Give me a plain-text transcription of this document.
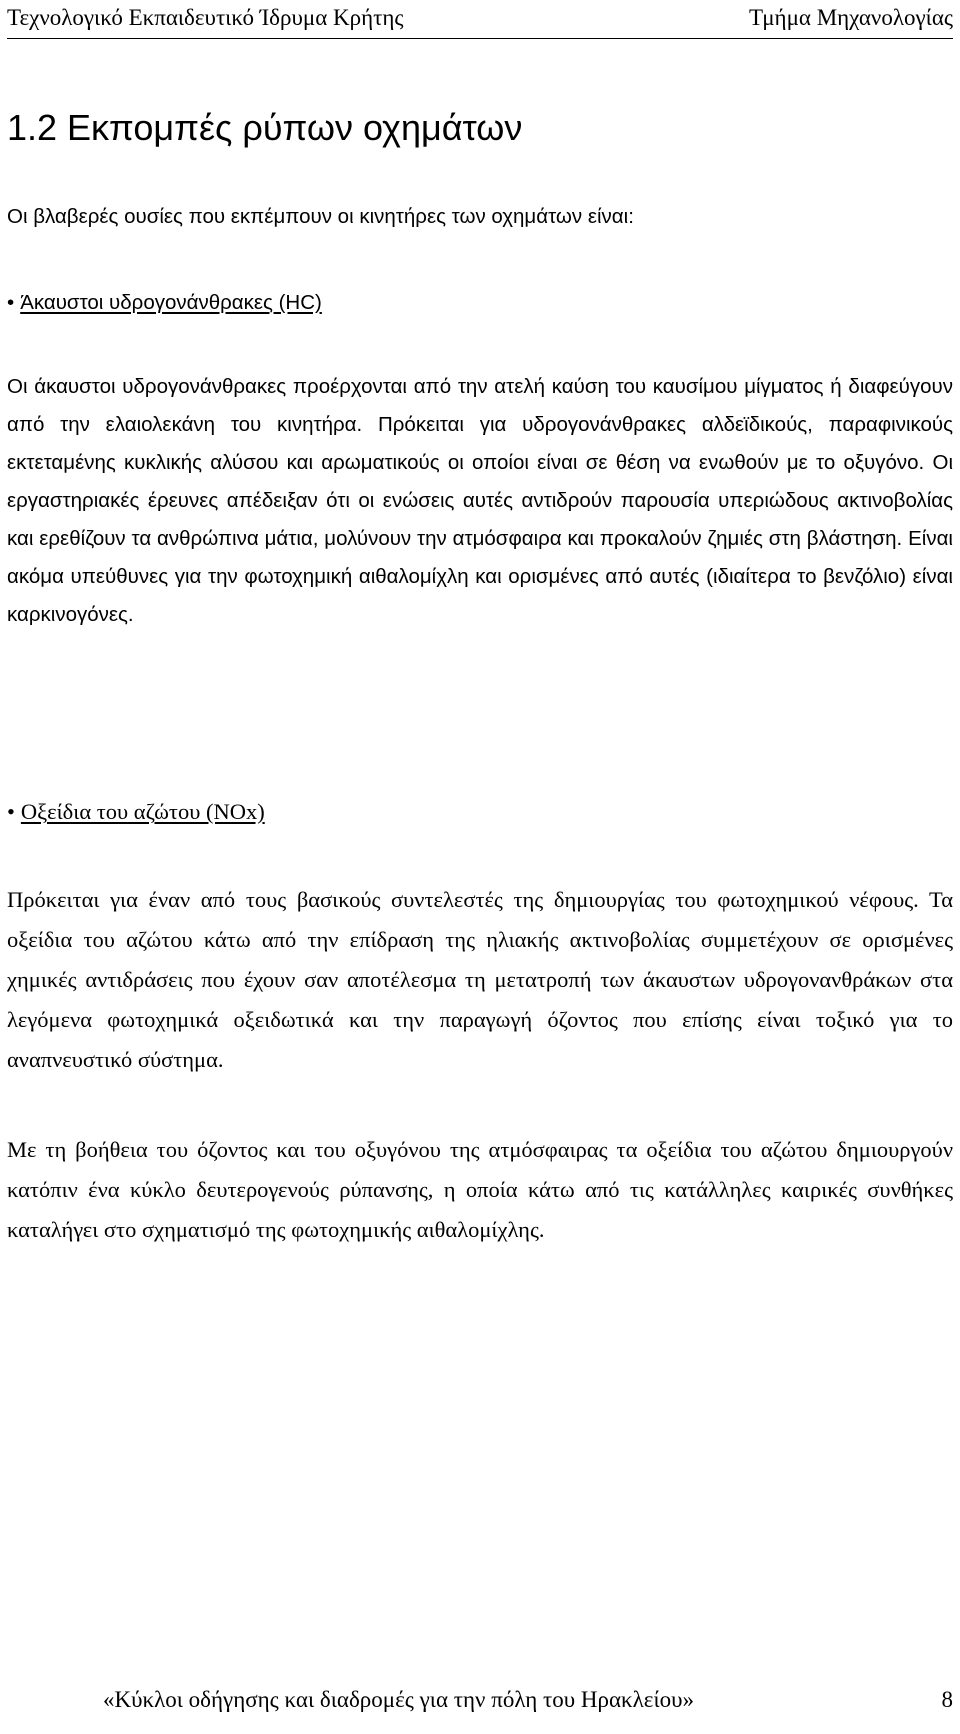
Τεχνολογικό Εκπαιδευτικό Ίδρυμα Κρήτης	Τμήμα Μηχανολογίας
1.2 Εκπομπές ρύπων οχημάτων

Οι βλαβερές ουσίες που εκπέμπουν οι κινητήρες των οχημάτων είναι:

• Άκαυστοι υδρογονάνθρακες (HC)

Οι άκαυστοι υδρογονάνθρακες προέρχονται από την ατελή καύση του καυσίμου μίγματος ή διαφεύγουν από την ελαιολεκάνη του κινητήρα. Πρόκειται για υδρογονάνθρακες αλδεϊδικούς, παραφινικούς εκτεταμένης κυκλικής αλύσου και αρωματικούς οι οποίοι είναι σε θέση να ενωθούν με το οξυγόνο. Οι εργαστηριακές έρευνες απέδειξαν ότι οι ενώσεις αυτές αντιδρούν παρουσία υπεριώδους ακτινοβολίας και ερεθίζουν τα ανθρώπινα μάτια, μολύνουν την ατμόσφαιρα και προκαλούν ζημιές στη βλάστηση. Είναι ακόμα υπεύθυνες για την φωτοχημική αιθαλομίχλη και ορισμένες από αυτές (ιδιαίτερα το βενζόλιο) είναι καρκινογόνες.

• Οξείδια του αζώτου (NOx)

Πρόκειται για έναν από τους βασικούς συντελεστές της δημιουργίας του φωτοχημικού νέφους. Τα οξείδια του αζώτου κάτω από την επίδραση της ηλιακής ακτινοβολίας συμμετέχουν σε ορισμένες χημικές αντιδράσεις που έχουν σαν αποτέλεσμα τη μετατροπή των άκαυστων υδρογονανθράκων στα λεγόμενα φωτοχημικά οξειδωτικά και την παραγωγή όζοντος που επίσης είναι τοξικό για το αναπνευστικό σύστημα.

Με τη βοήθεια του όζοντος και του οξυγόνου της ατμόσφαιρας τα οξείδια του αζώτου δημιουργούν κατόπιν ένα κύκλο δευτερογενούς ρύπανσης, η οποία κάτω από τις κατάλληλες καιρικές συνθήκες καταλήγει στο σχηματισμό της φωτοχημικής αιθαλομίχλης.

«Κύκλοι οδήγησης και διαδρομές για την πόλη του Ηρακλείου»	8
